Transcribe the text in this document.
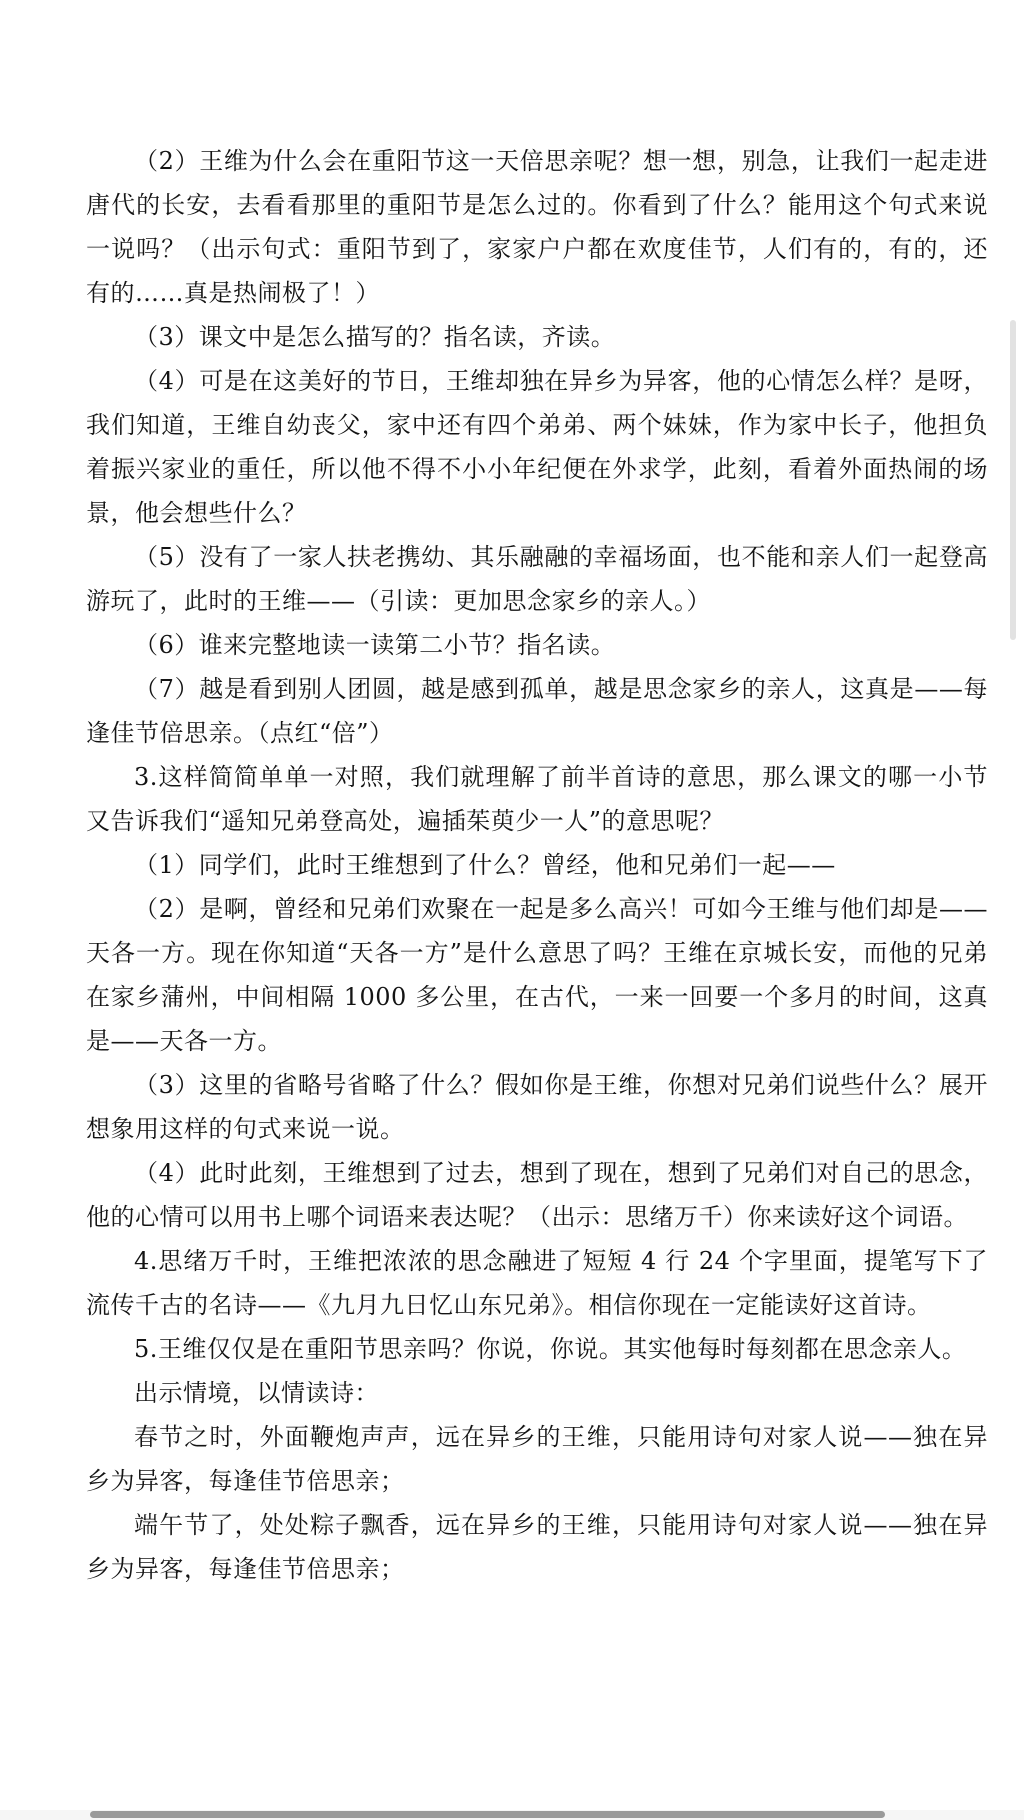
（2）王维为什么会在重阳节这一天倍思亲呢？想一想，别急，让我们一起走进唐代的长安，去看看那里的重阳节是怎么过的。你看到了什么？能用这个句式来说一说吗？（出示句式：重阳节到了，家家户户都在欢度佳节，人们有的，有的，还有的……真是热闹极了！）

（3）课文中是怎么描写的？指名读，齐读。

（4）可是在这美好的节日，王维却独在异乡为异客，他的心情怎么样？是呀，我们知道，王维自幼丧父，家中还有四个弟弟、两个妹妹，作为家中长子，他担负着振兴家业的重任，所以他不得不小小年纪便在外求学，此刻，看着外面热闹的场景，他会想些什么？

（5）没有了一家人扶老携幼、其乐融融的幸福场面，也不能和亲人们一起登高游玩了，此时的王维——（引读：更加思念家乡的亲人。）

（6）谁来完整地读一读第二小节？指名读。

（7）越是看到别人团圆，越是感到孤单，越是思念家乡的亲人，这真是——每逢佳节倍思亲。（点红“倍”）

3.这样简简单单一对照，我们就理解了前半首诗的意思，那么课文的哪一小节又告诉我们“遥知兄弟登高处，遍插茱萸少一人”的意思呢？

（1）同学们，此时王维想到了什么？曾经，他和兄弟们一起——

（2）是啊，曾经和兄弟们欢聚在一起是多么高兴！可如今王维与他们却是——天各一方。现在你知道“天各一方”是什么意思了吗？王维在京城长安，而他的兄弟在家乡蒲州，中间相隔 1000 多公里，在古代，一来一回要一个多月的时间，这真是——天各一方。

（3）这里的省略号省略了什么？假如你是王维，你想对兄弟们说些什么？展开想象用这样的句式来说一说。

（4）此时此刻，王维想到了过去，想到了现在，想到了兄弟们对自己的思念，他的心情可以用书上哪个词语来表达呢？（出示：思绪万千）你来读好这个词语。

4.思绪万千时，王维把浓浓的思念融进了短短 4 行 24 个字里面，提笔写下了流传千古的名诗——《九月九日忆山东兄弟》。相信你现在一定能读好这首诗。

5.王维仅仅是在重阳节思亲吗？你说，你说。其实他每时每刻都在思念亲人。

出示情境，以情读诗：

春节之时，外面鞭炮声声，远在异乡的王维，只能用诗句对家人说——独在异乡为异客，每逢佳节倍思亲；

端午节了，处处粽子飘香，远在异乡的王维，只能用诗句对家人说——独在异乡为异客，每逢佳节倍思亲；
